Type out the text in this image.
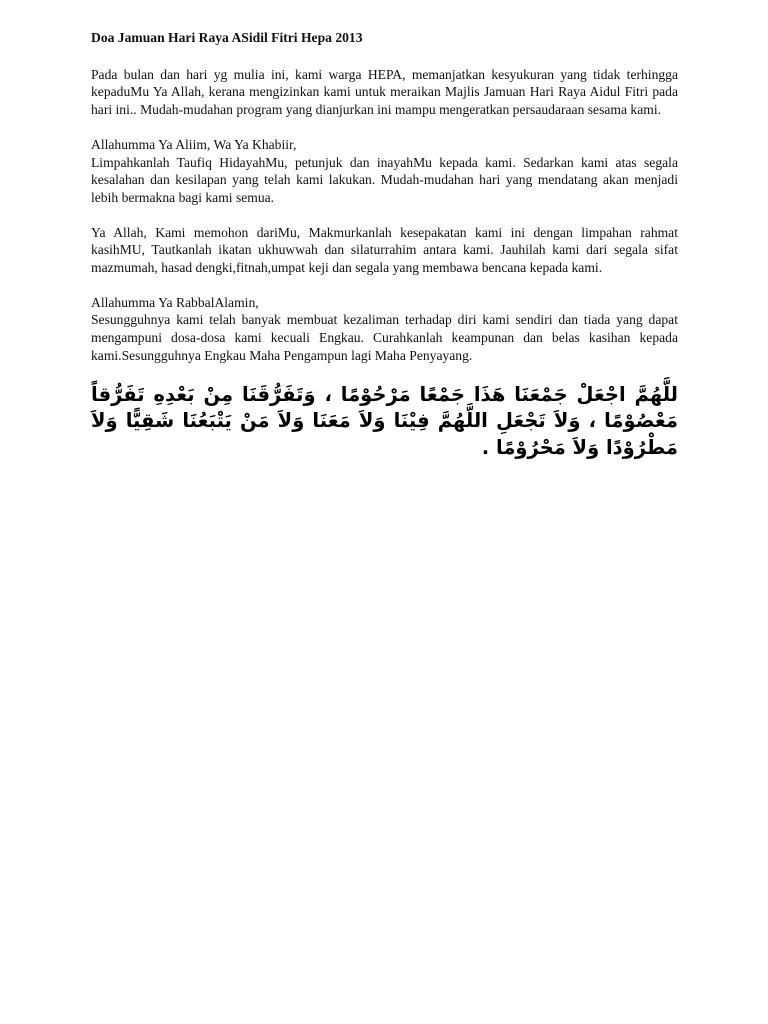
Doa Jamuan Hari Raya ASidil Fitri Hepa 2013
Pada bulan dan hari yg mulia ini, kami warga HEPA, memanjatkan kesyukuran yang tidak terhingga kepaduMu Ya Allah, kerana mengizinkan kami untuk meraikan Majlis Jamuan Hari Raya Aidul Fitri pada hari ini.. Mudah-mudahan program yang dianjurkan ini mampu mengeratkan persaudaraan sesama kami.
Allahumma Ya Aliim, Wa Ya Khabiir,
Limpahkanlah Taufiq HidayahMu, petunjuk dan inayahMu kepada kami. Sedarkan kami atas segala kesalahan dan kesilapan yang telah kami lakukan. Mudah-mudahan hari yang mendatang akan menjadi lebih bermakna bagi kami semua.
Ya Allah, Kami memohon dariMu, Makmurkanlah kesepakatan kami ini dengan limpahan rahmat kasihMU, Tautkanlah ikatan ukhuwwah dan silaturrahim antara kami. Jauhilah kami dari segala sifat mazmumah, hasad dengki,fitnah,umpat keji dan segala yang membawa bencana kepada kami.
Allahumma Ya RabbalAlamin,
Sesungguhnya kami telah banyak membuat kezaliman terhadap diri kami sendiri dan tiada yang dapat mengampuni dosa-dosa kami kecuali Engkau. Curahkanlah keampunan dan belas kasihan kepada kami.Sesungguhnya Engkau Maha Pengampun lagi Maha Penyayang.
للَّهُمَّ اجْعَلْ جَمْعَنَا هَذَا جَمْعًا مَرْحُوْمًا ، وَتَفَرُّقَنَا مِنْ بَعْدِهِ تَفَرُّقاً مَعْصُوْمًا ، وَلاَ تَجْعَلِ اللَّهُمَّ فِيْنَا وَلاَ مَعَنَا وَلاَ مَنْ يَتْبَعُنَا شَقِيًّا وَلاَ مَطْرُوْدًا وَلاَ مَحْرُوْمًا .
